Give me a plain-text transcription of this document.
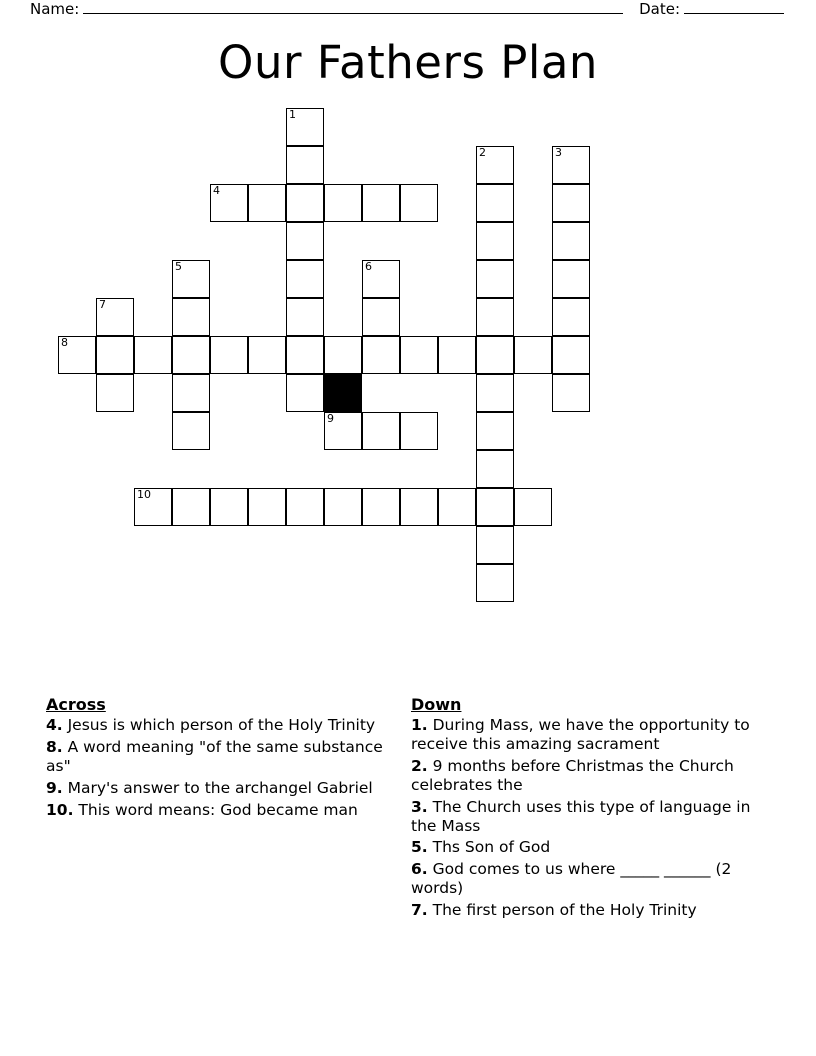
Name:	Date:
Our Fathers Plan
1
2	3
4
5	6
7
8
9
10
Across
4. Jesus is which person of the Holy Trinity
8. A word meaning "of the same substance as"
9. Mary's answer to the archangel Gabriel
10. This word means: God became man
Down
1. During Mass, we have the opportunity to receive this amazing sacrament
2. 9 months before Christmas the Church celebrates the
3. The Church uses this type of language in the Mass
5. Ths Son of God
6. God comes to us where _____ ______ (2 words)
7. The first person of the Holy Trinity
